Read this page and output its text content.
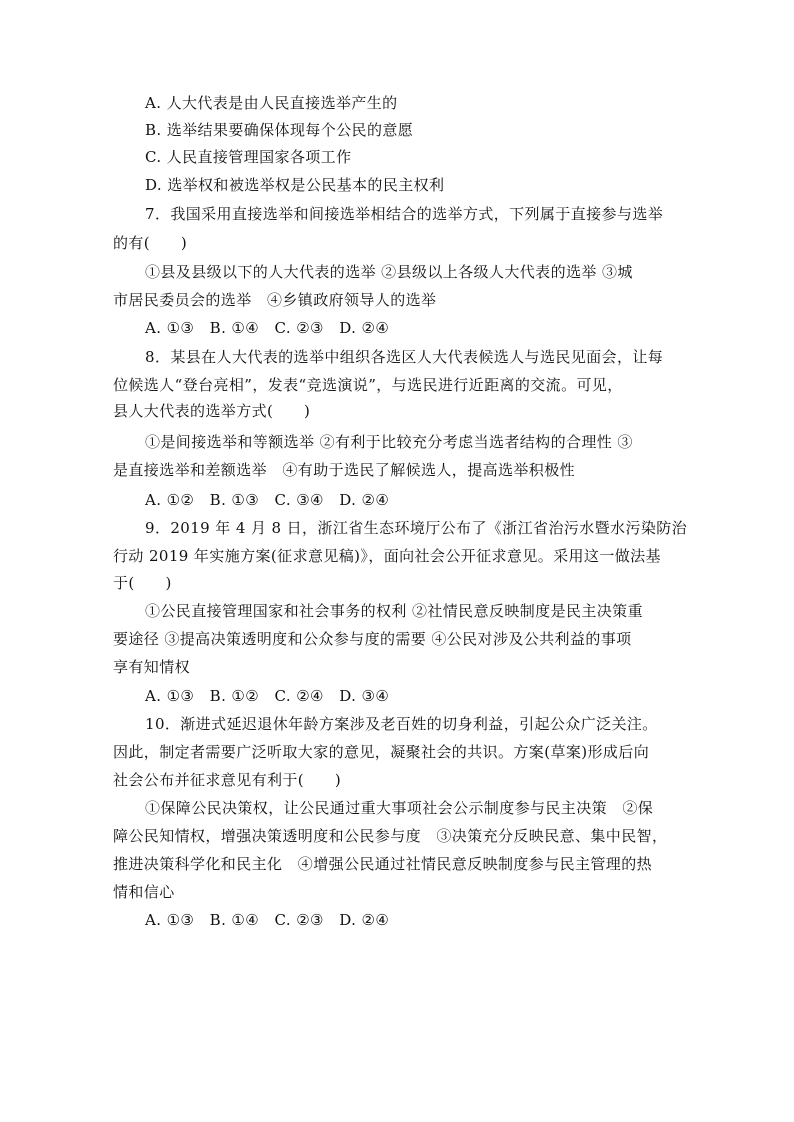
A. 人大代表是由人民直接选举产生的
B. 选举结果要确保体现每个公民的意愿
C. 人民直接管理国家各项工作
D. 选举权和被选举权是公民基本的民主权利
7．我国采用直接选举和间接选举相结合的选举方式，下列属于直接参与选举
的有(　　)
①县及县级以下的人大代表的选举 ②县级以上各级人大代表的选举 ③城
市居民委员会的选举　④乡镇政府领导人的选举
A. ①③　B. ①④　C. ②③　D. ②④
8．某县在人大代表的选举中组织各选区人大代表候选人与选民见面会，让每
位候选人“登台亮相”，发表“竞选演说”，与选民进行近距离的交流。可见，
县人大代表的选举方式(　　)
①是间接选举和等额选举 ②有利于比较充分考虑当选者结构的合理性 ③
是直接选举和差额选举　④有助于选民了解候选人，提高选举积极性
A. ①②　B. ①③　C. ③④　D. ②④
9．2019 年 4 月 8 日，浙江省生态环境厅公布了《浙江省治污水暨水污染防治
行动 2019 年实施方案(征求意见稿)》，面向社会公开征求意见。采用这一做法基
于(　　)
①公民直接管理国家和社会事务的权利 ②社情民意反映制度是民主决策重
要途径 ③提高决策透明度和公众参与度的需要 ④公民对涉及公共利益的事项
享有知情权
A. ①③　B. ①②　C. ②④　D. ③④
10．渐进式延迟退休年龄方案涉及老百姓的切身利益，引起公众广泛关注。
因此，制定者需要广泛听取大家的意见，凝聚社会的共识。方案(草案)形成后向
社会公布并征求意见有利于(　　)
①保障公民决策权，让公民通过重大事项社会公示制度参与民主决策　②保
障公民知情权，增强决策透明度和公民参与度　③决策充分反映民意、集中民智，
推进决策科学化和民主化　④增强公民通过社情民意反映制度参与民主管理的热
情和信心
A. ①③　B. ①④　C. ②③　D. ②④
